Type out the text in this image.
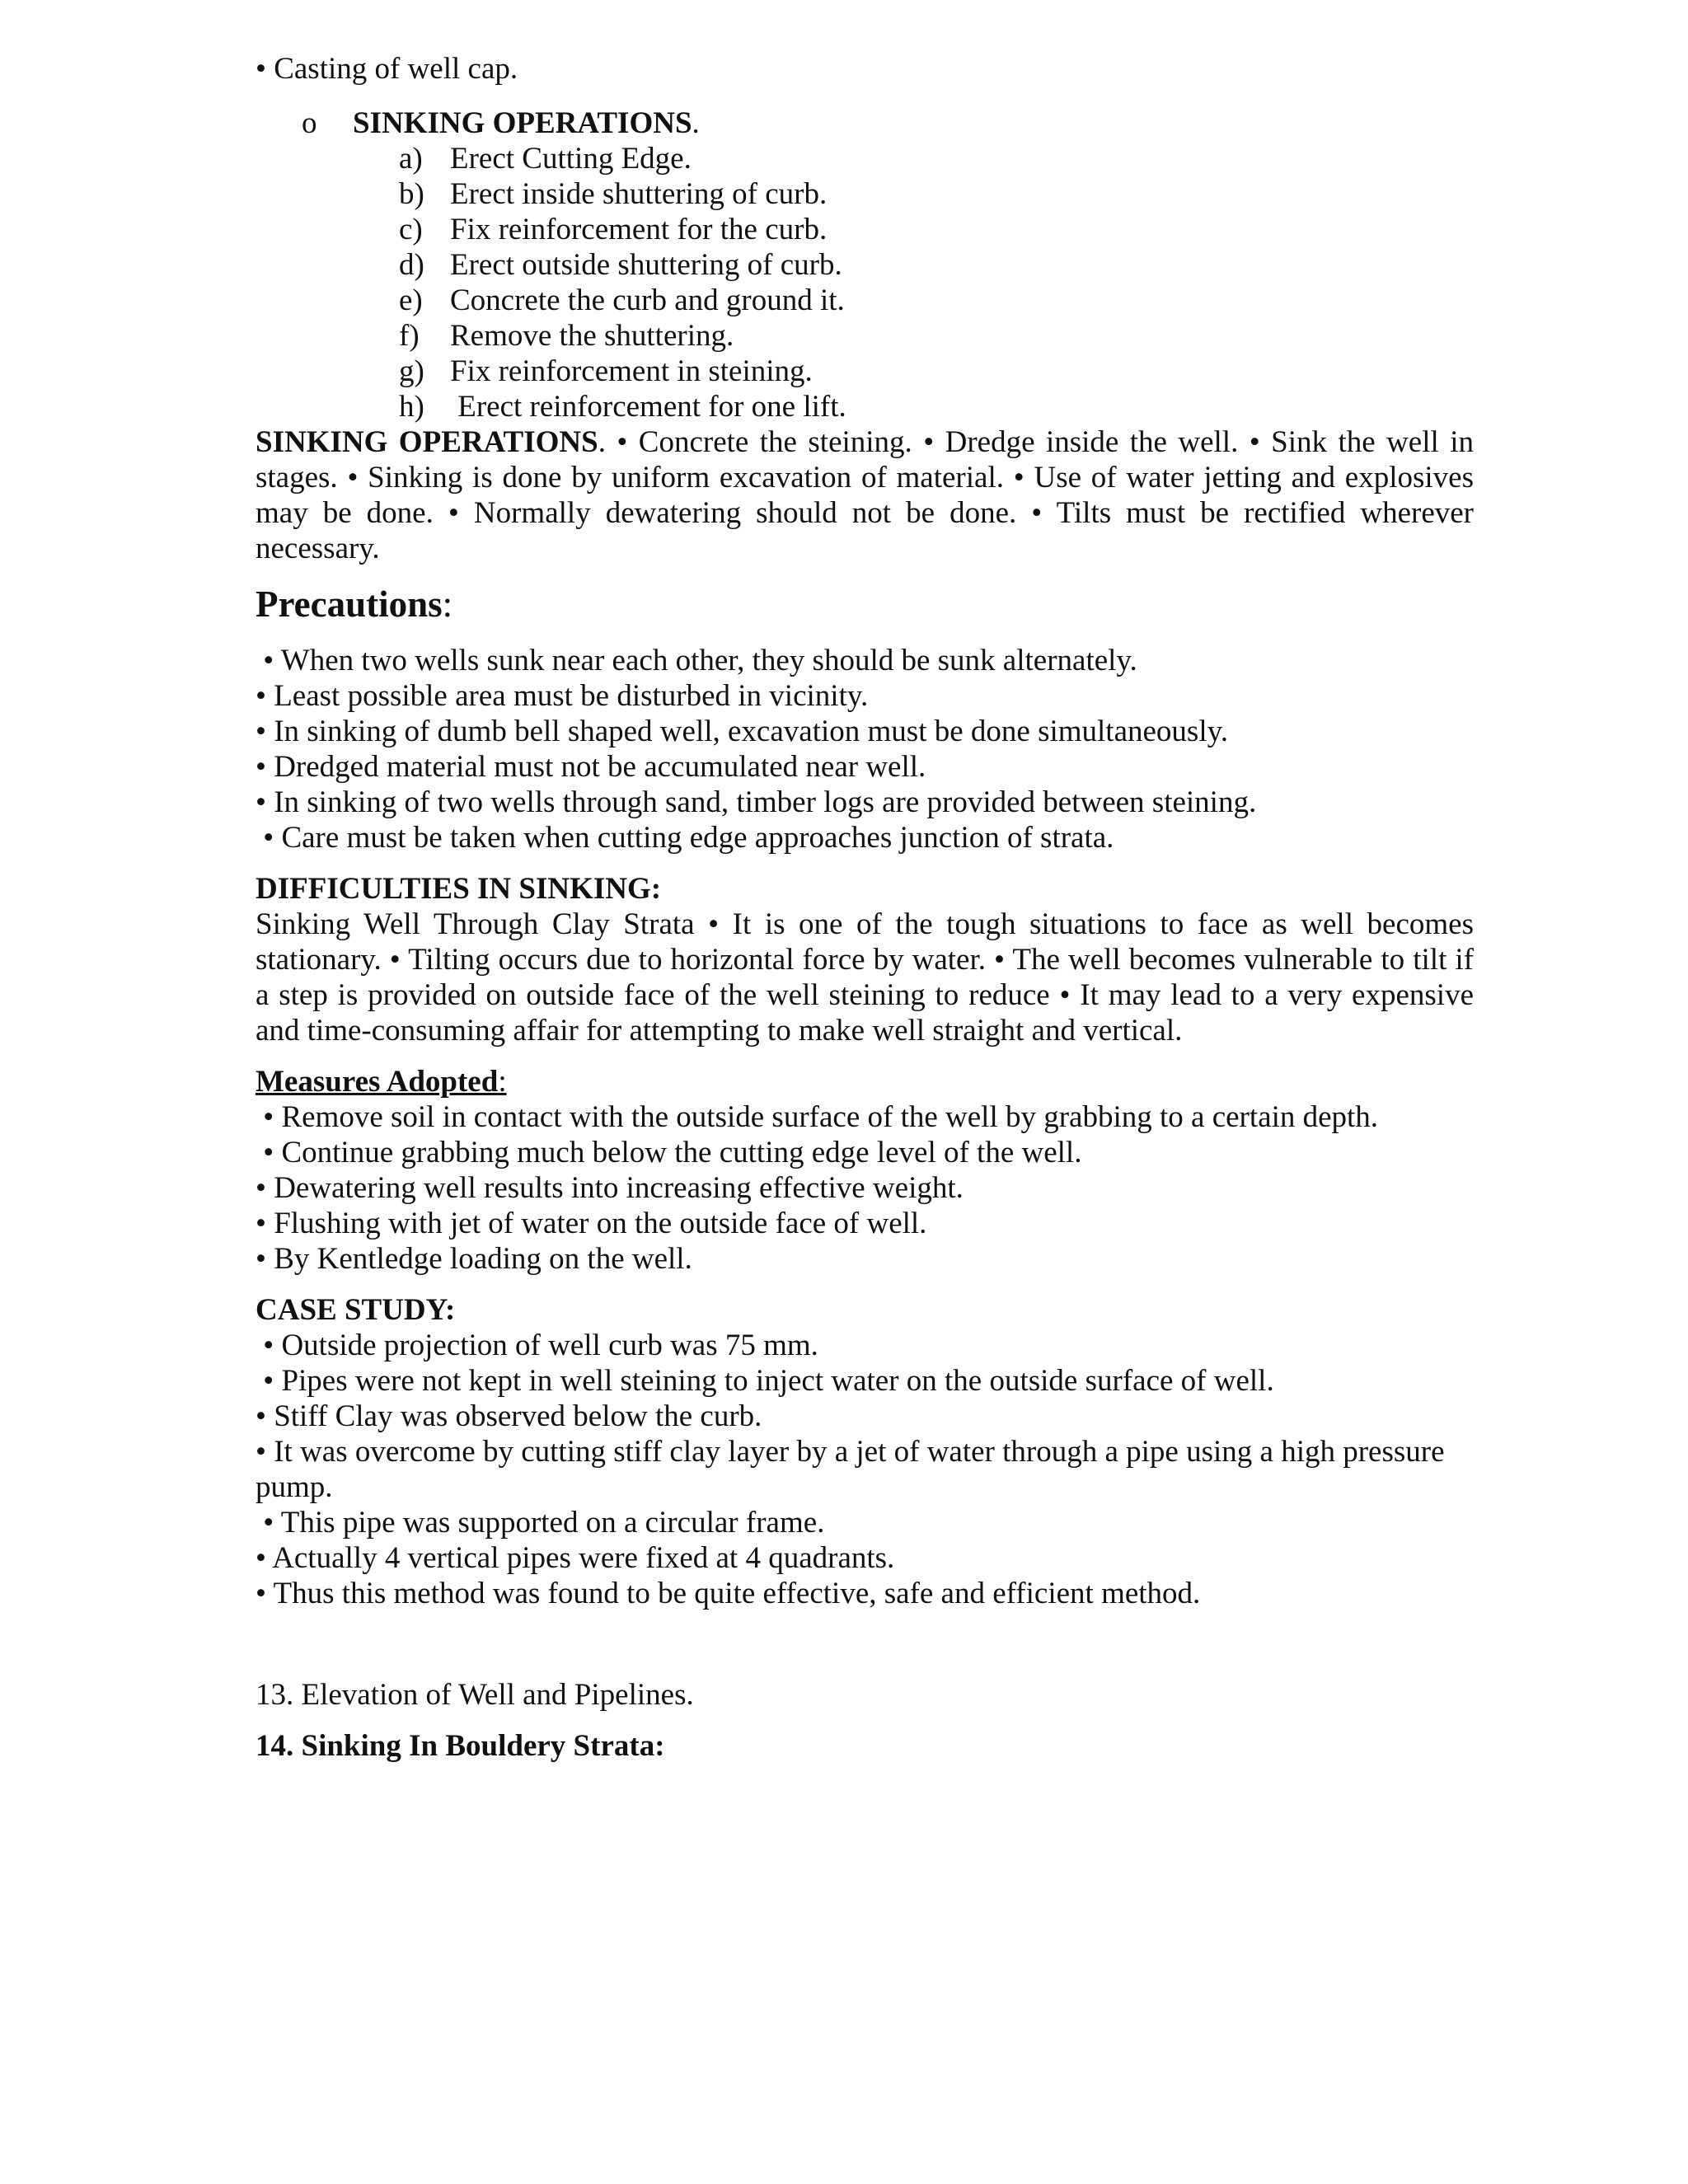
• Casting of well cap.

o	SINKING OPERATIONS.
a) Erect Cutting Edge.
b) Erect inside shuttering of curb.
c) Fix reinforcement for the curb.
d) Erect outside shuttering of curb.
e) Concrete the curb and ground it.
f)	Remove the shuttering.
g) Fix reinforcement in steining.
h) Erect reinforcement for one lift.

SINKING OPERATIONS. • Concrete the steining. • Dredge inside the well. • Sink the well in stages. • Sinking is done by uniform excavation of material. • Use of water jetting and explosives may be done. • Normally dewatering should not be done. • Tilts must be rectified wherever necessary.

Precautions:

• When two wells sunk near each other, they should be sunk alternately.

• Least possible area must be disturbed in vicinity.

• In sinking of dumb bell shaped well, excavation must be done simultaneously.

• Dredged material must not be accumulated near well.

• In sinking of two wells through sand, timber logs are provided between steining.

• Care must be taken when cutting edge approaches junction of strata.

DIFFICULTIES IN SINKING:

Sinking Well Through Clay Strata • It is one of the tough situations to face as well becomes stationary. • Tilting occurs due to horizontal force by water. • The well becomes vulnerable to tilt if a step is provided on outside face of the well steining to reduce • It may lead to a very expensive and time-consuming affair for attempting to make well straight and vertical.

Measures Adopted:

• Remove soil in contact with the outside surface of the well by grabbing to a certain depth.

• Continue grabbing much below the cutting edge level of the well.

• Dewatering well results into increasing effective weight.

• Flushing with jet of water on the outside face of well.

• By Kentledge loading on the well.

CASE STUDY:

• Outside projection of well curb was 75 mm.

• Pipes were not kept in well steining to inject water on the outside surface of well.

• Stiff Clay was observed below the curb.

• It was overcome by cutting stiff clay layer by a jet of water through a pipe using a high pressure pump.

• This pipe was supported on a circular frame.

• Actually 4 vertical pipes were fixed at 4 quadrants.

• Thus this method was found to be quite effective, safe and efficient method.

13. Elevation of Well and Pipelines.

14. Sinking In Bouldery Strata:
